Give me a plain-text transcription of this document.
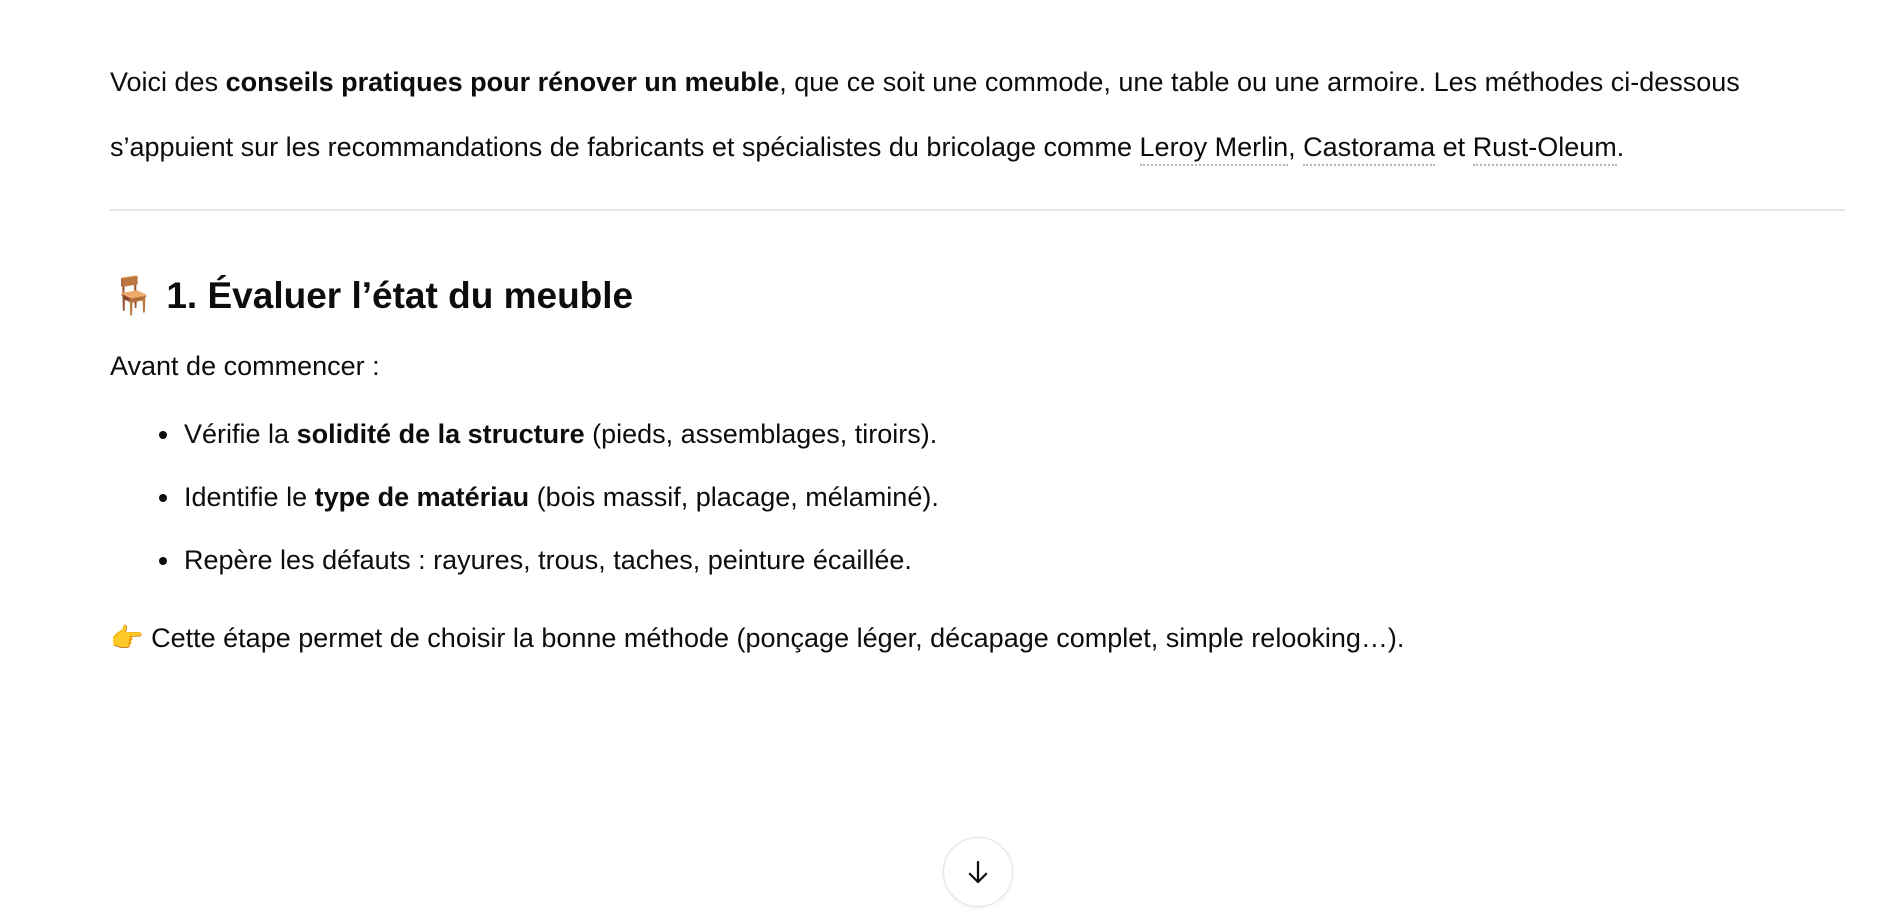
Voici des conseils pratiques pour rénover un meuble, que ce soit une commode, une table ou une armoire. Les méthodes ci-dessous s’appuient sur les recommandations de fabricants et spécialistes du bricolage comme Leroy Merlin, Castorama et Rust-Oleum.

🪑 1. Évaluer l’état du meuble

Avant de commencer :

• Vérifie la solidité de la structure (pieds, assemblages, tiroirs).
• Identifie le type de matériau (bois massif, placage, mélaminé).
• Repère les défauts : rayures, trous, taches, peinture écaillée.

👉 Cette étape permet de choisir la bonne méthode (ponçage léger, décapage complet, simple relooking…).
